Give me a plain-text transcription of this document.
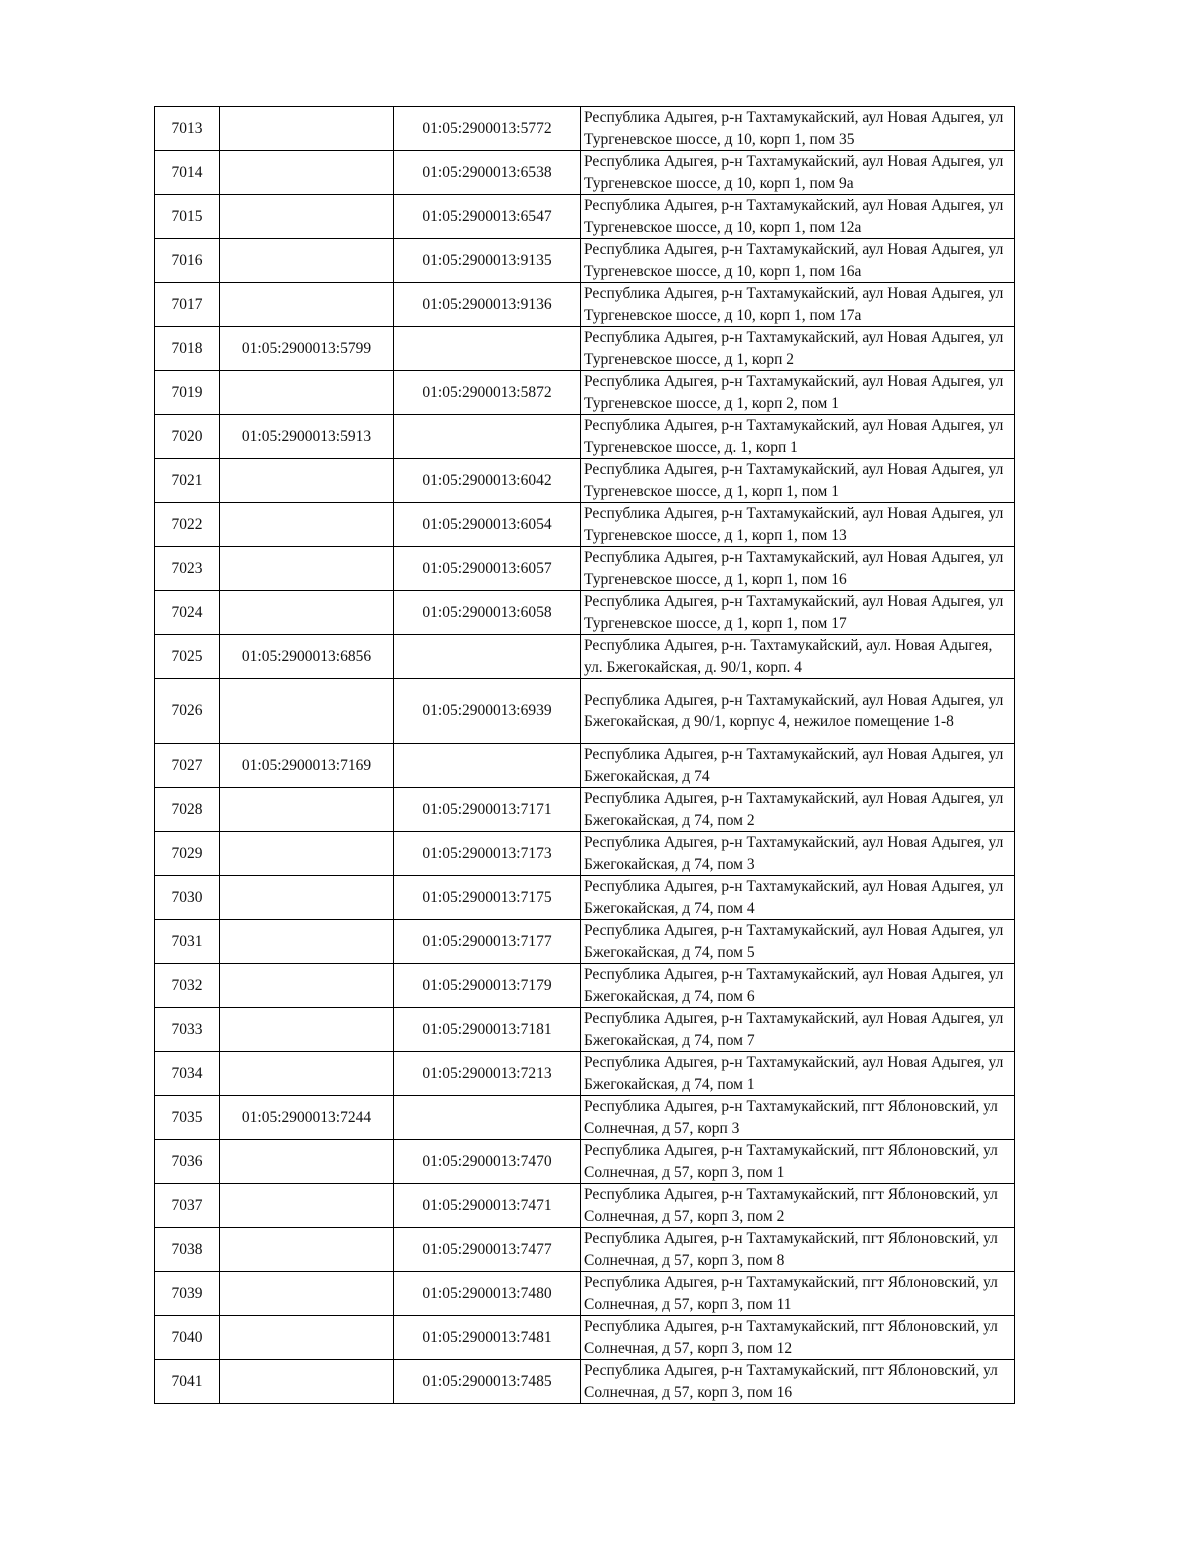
7013		01:05:2900013:5772	Республика Адыгея, р-н Тахтамукайский, аул Новая Адыгея, ул Тургеневское шоссе, д 10, корп 1, пом 35
7014		01:05:2900013:6538	Республика Адыгея, р-н Тахтамукайский, аул Новая Адыгея, ул Тургеневское шоссе, д 10, корп 1, пом 9а
7015		01:05:2900013:6547	Республика Адыгея, р-н Тахтамукайский, аул Новая Адыгея, ул Тургеневское шоссе, д 10, корп 1, пом 12а
7016		01:05:2900013:9135	Республика Адыгея, р-н Тахтамукайский, аул Новая Адыгея, ул Тургеневское шоссе, д 10, корп 1, пом 16а
7017		01:05:2900013:9136	Республика Адыгея, р-н Тахтамукайский, аул Новая Адыгея, ул Тургеневское шоссе, д 10, корп 1, пом 17а
7018	01:05:2900013:5799		Республика Адыгея, р-н Тахтамукайский, аул Новая Адыгея, ул Тургеневское шоссе, д 1, корп 2
7019		01:05:2900013:5872	Республика Адыгея, р-н Тахтамукайский, аул Новая Адыгея, ул Тургеневское шоссе, д 1, корп 2, пом 1
7020	01:05:2900013:5913		Республика Адыгея, р-н Тахтамукайский, аул Новая Адыгея, ул Тургеневское шоссе, д. 1, корп 1
7021		01:05:2900013:6042	Республика Адыгея, р-н Тахтамукайский, аул Новая Адыгея, ул Тургеневское шоссе, д 1, корп 1, пом 1
7022		01:05:2900013:6054	Республика Адыгея, р-н Тахтамукайский, аул Новая Адыгея, ул Тургеневское шоссе, д 1, корп 1, пом 13
7023		01:05:2900013:6057	Республика Адыгея, р-н Тахтамукайский, аул Новая Адыгея, ул Тургеневское шоссе, д 1, корп 1, пом 16
7024		01:05:2900013:6058	Республика Адыгея, р-н Тахтамукайский, аул Новая Адыгея, ул Тургеневское шоссе, д 1, корп 1, пом 17
7025	01:05:2900013:6856		Республика Адыгея, р-н. Тахтамукайский, аул. Новая Адыгея, ул. Бжегокайская, д. 90/1, корп. 4
7026		01:05:2900013:6939	Республика Адыгея, р-н Тахтамукайский, аул Новая Адыгея, ул Бжегокайская, д 90/1, корпус 4, нежилое помещение 1-8
7027	01:05:2900013:7169		Республика Адыгея, р-н Тахтамукайский, аул Новая Адыгея, ул Бжегокайская, д 74
7028		01:05:2900013:7171	Республика Адыгея, р-н Тахтамукайский, аул Новая Адыгея, ул Бжегокайская, д 74, пом 2
7029		01:05:2900013:7173	Республика Адыгея, р-н Тахтамукайский, аул Новая Адыгея, ул Бжегокайская, д 74, пом 3
7030		01:05:2900013:7175	Республика Адыгея, р-н Тахтамукайский, аул Новая Адыгея, ул Бжегокайская, д 74, пом 4
7031		01:05:2900013:7177	Республика Адыгея, р-н Тахтамукайский, аул Новая Адыгея, ул Бжегокайская, д 74, пом 5
7032		01:05:2900013:7179	Республика Адыгея, р-н Тахтамукайский, аул Новая Адыгея, ул Бжегокайская, д 74, пом 6
7033		01:05:2900013:7181	Республика Адыгея, р-н Тахтамукайский, аул Новая Адыгея, ул Бжегокайская, д 74, пом 7
7034		01:05:2900013:7213	Республика Адыгея, р-н Тахтамукайский, аул Новая Адыгея, ул Бжегокайская, д 74, пом 1
7035	01:05:2900013:7244		Республика Адыгея, р-н Тахтамукайский, пгт Яблоновский, ул Солнечная, д 57, корп 3
7036		01:05:2900013:7470	Республика Адыгея, р-н Тахтамукайский, пгт Яблоновский, ул Солнечная, д 57, корп 3, пом 1
7037		01:05:2900013:7471	Республика Адыгея, р-н Тахтамукайский, пгт Яблоновский, ул Солнечная, д 57, корп 3, пом 2
7038		01:05:2900013:7477	Республика Адыгея, р-н Тахтамукайский, пгт Яблоновский, ул Солнечная, д 57, корп 3, пом 8
7039		01:05:2900013:7480	Республика Адыгея, р-н Тахтамукайский, пгт Яблоновский, ул Солнечная, д 57, корп 3, пом 11
7040		01:05:2900013:7481	Республика Адыгея, р-н Тахтамукайский, пгт Яблоновский, ул Солнечная, д 57, корп 3, пом 12
7041		01:05:2900013:7485	Республика Адыгея, р-н Тахтамукайский, пгт Яблоновский, ул Солнечная, д 57, корп 3, пом 16
